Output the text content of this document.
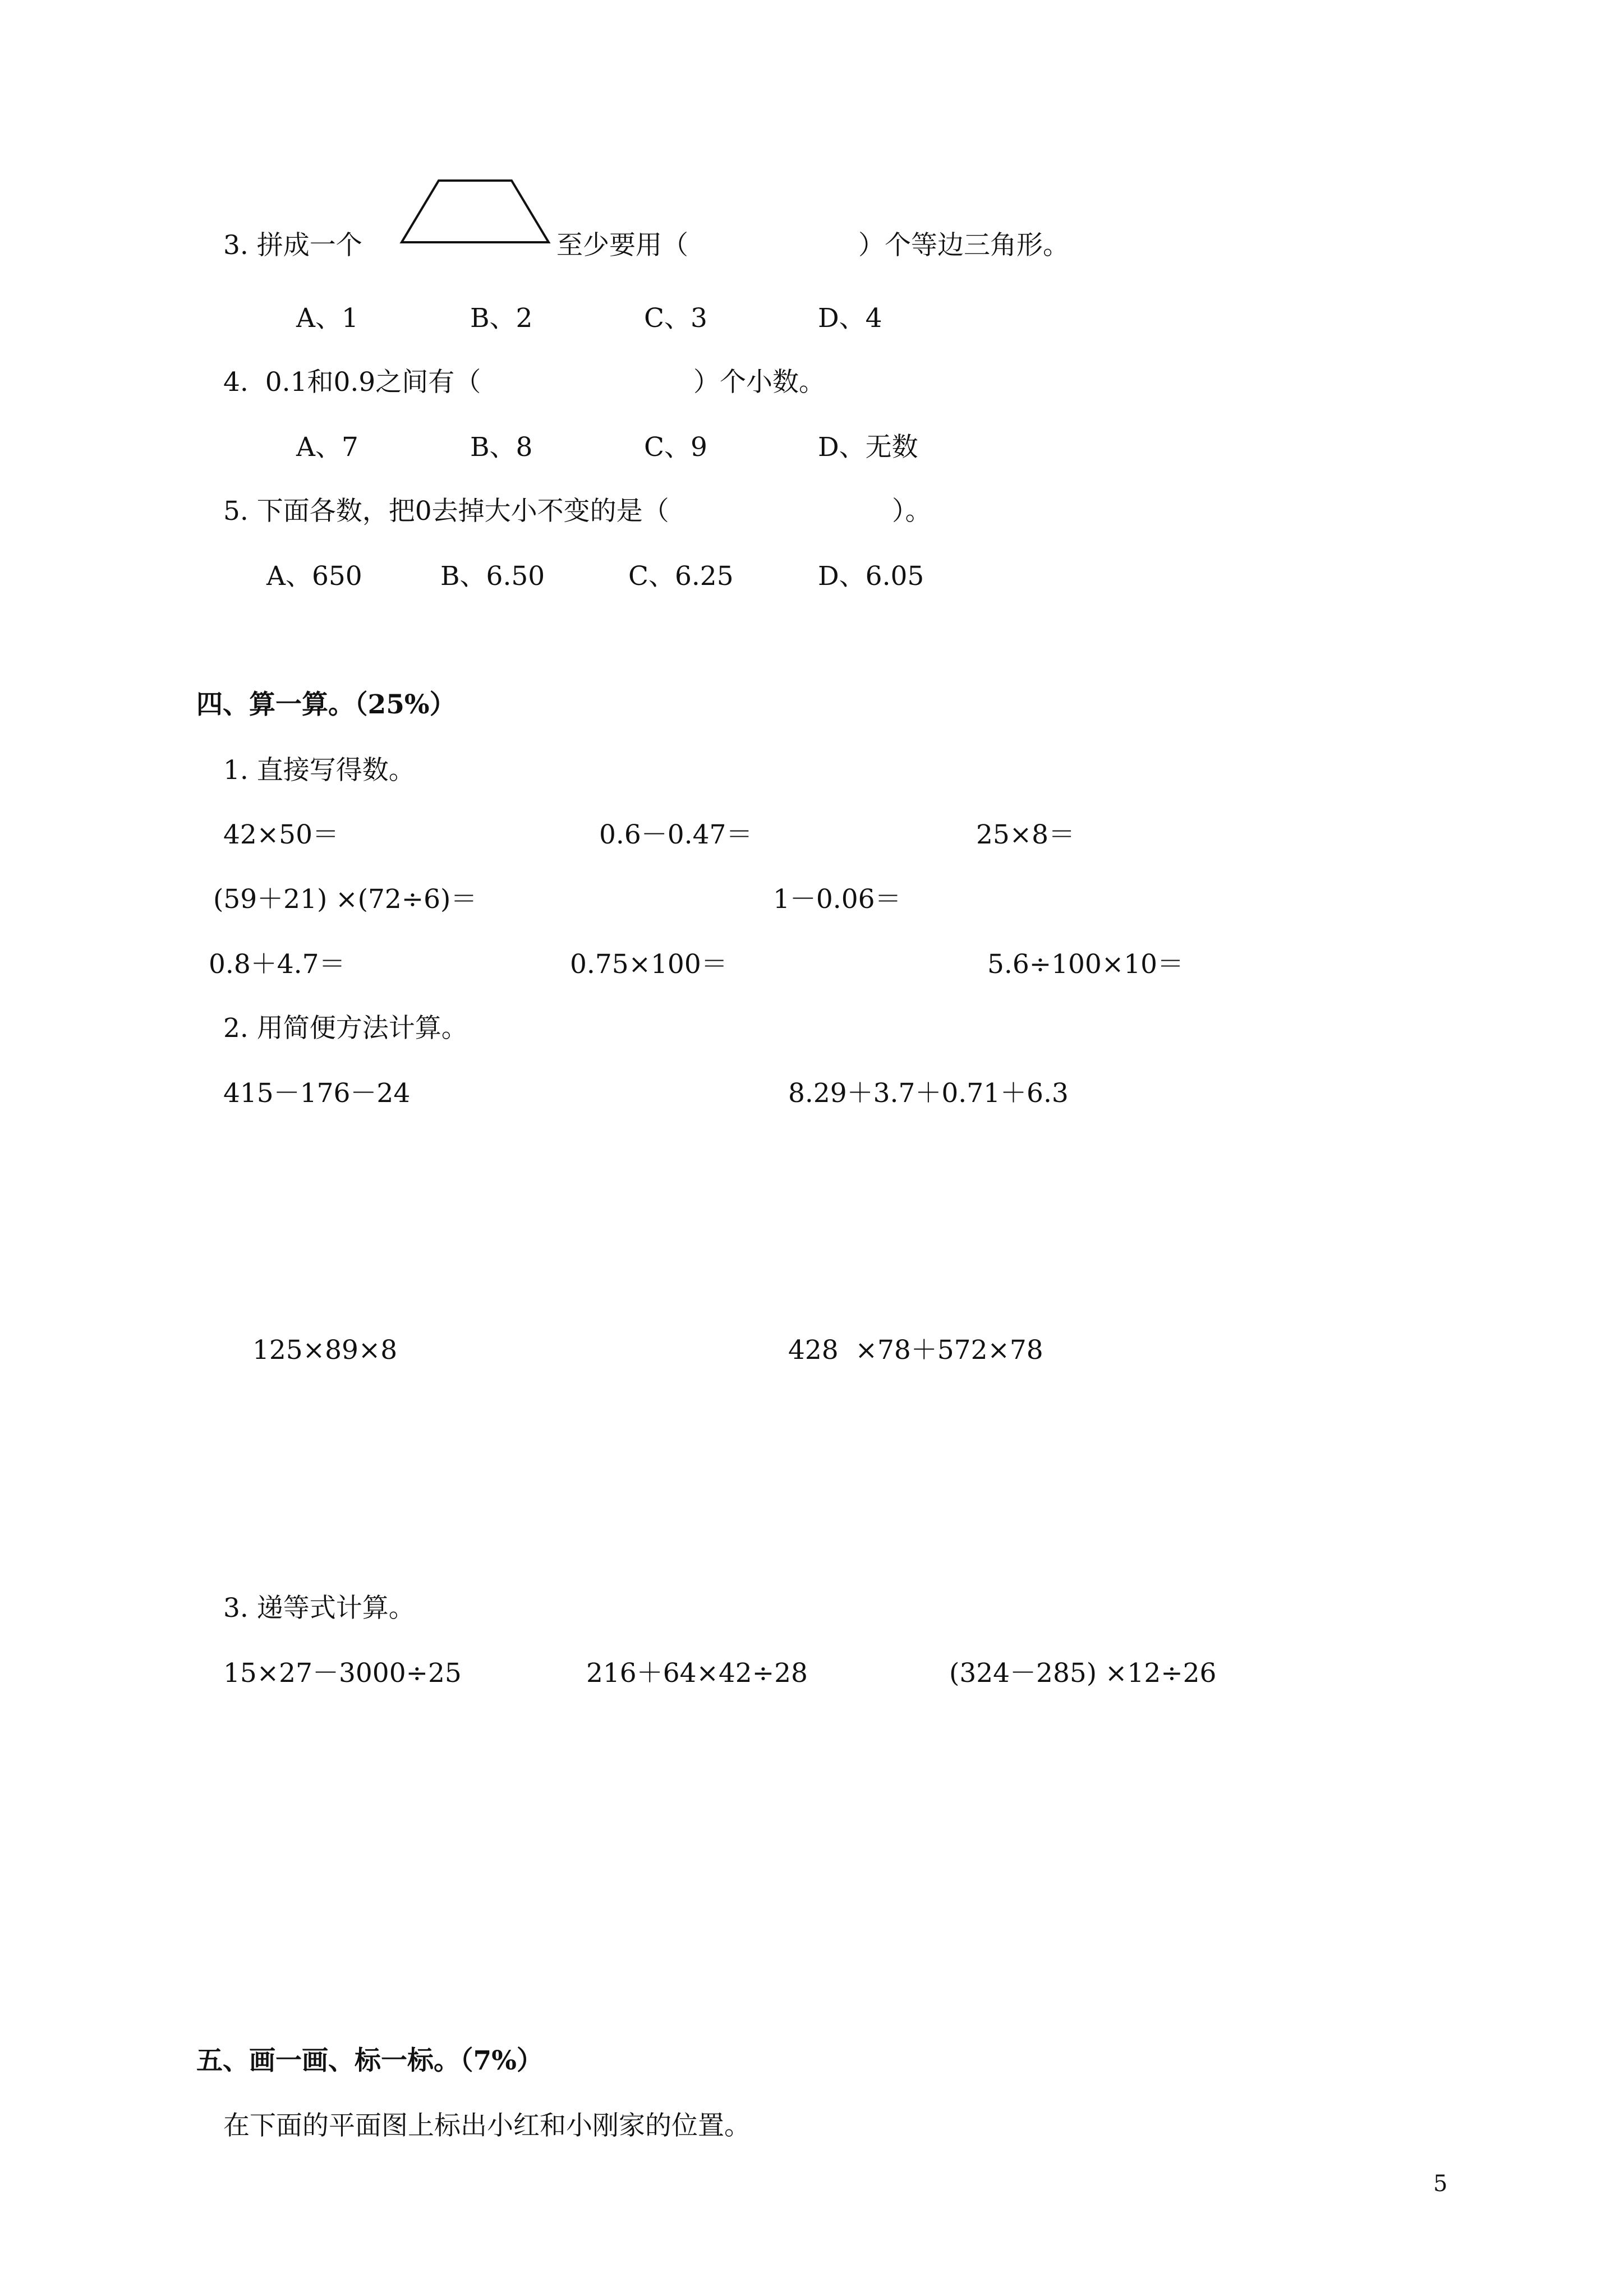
3. 拼成一个	至少要用（	）个等边三角形。
A、1	B、2	C、3	D、4
4.  0.1和0.9之间有（	）个小数。
A、7	B、8	C、9	D、无数
5. 下面各数，把0去掉大小不变的是（	）。
A、650	B、6.50	C、6.25	D、6.05
四、算一算。（25%）
1. 直接写得数。
42×50＝	0.6－0.47＝	25×8＝
(59＋21) ×(72÷6)＝	1－0.06＝
0.8＋4.7＝	0.75×100＝	5.6÷100×10＝
2. 用简便方法计算。
415－176－24	8.29＋3.7＋0.71＋6.3
125×89×8	428  ×78＋572×78
3. 递等式计算。
15×27－3000÷25	216＋64×42÷28	(324－285) ×12÷26
五、画一画、标一标。（7%）
在下面的平面图上标出小红和小刚家的位置。
5
